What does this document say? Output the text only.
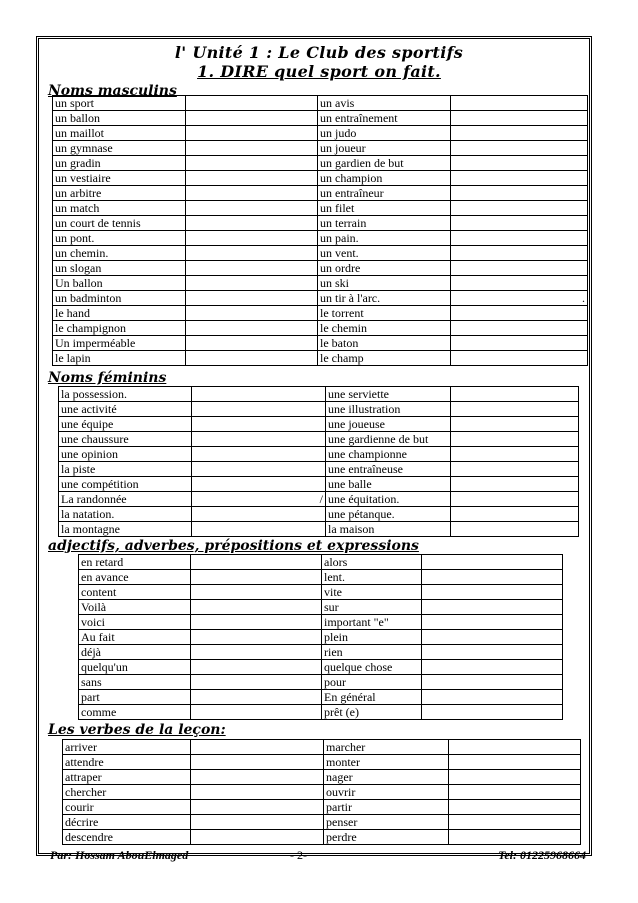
l' Unité 1 : Le Club des sportifs
1. DIRE quel sport on fait.
Noms masculins
un sport		un avis	
un ballon		un entraînement	
un maillot		un judo	
un gymnase		un joueur	
un gradin		un gardien de but	
un vestiaire		un champion	
un arbitre		un entraîneur	
un match		un filet	
un court de tennis		un terrain	
un pont.		un pain.	
un chemin.		un vent.	
un slogan		un ordre	
Un ballon		un ski	
un badminton		un tir à l'arc.	.
le hand		le torrent	
le champignon		le chemin	
Un imperméable		le baton	
le lapin		le champ	
Noms féminins
la possession.		une serviette	
une activité		une illustration	
une équipe		une joueuse	
une chaussure		une gardienne de but	
une opinion		une championne	
la piste		une entraîneuse	
une compétition		une balle	
La randonnée	/	une équitation.	
la natation.		une pétanque.	
la montagne		la maison	
adjectifs, adverbes, prépositions et expressions
en retard		alors	
en avance		lent.	
content		vite	
Voilà		sur	
voici		important "e"	
Au fait		plein	
déjà		rien	
quelqu'un		quelque chose	
sans		pour	
part		En général	
comme		prêt (e)	
Les verbes de la leçon:
arriver		marcher	
attendre		monter	
attraper		nager	
chercher		ouvrir	
courir		partir	
décrire		penser	
descendre		perdre	
Par: Hossam AbouElmaged	- 2-	Tel: 01225968664
